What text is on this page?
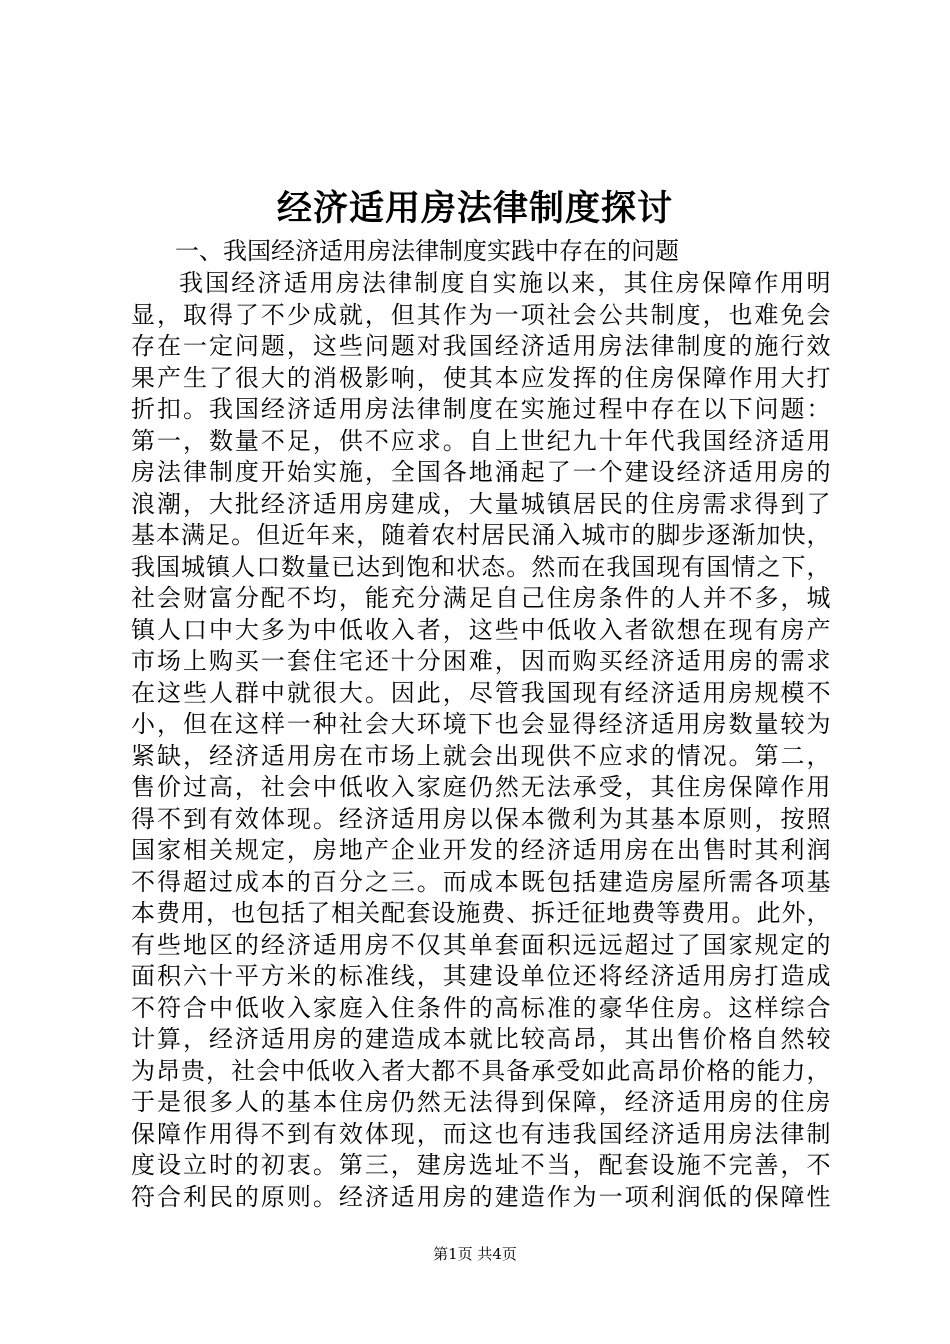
经济适用房法律制度探讨
一、我国经济适用房法律制度实践中存在的问题
我国经济适用房法律制度自实施以来，其住房保障作用明
显，取得了不少成就，但其作为一项社会公共制度，也难免会
存在一定问题，这些问题对我国经济适用房法律制度的施行效
果产生了很大的消极影响，使其本应发挥的住房保障作用大打
折扣。我国经济适用房法律制度在实施过程中存在以下问题：
第一，数量不足，供不应求。自上世纪九十年代我国经济适用
房法律制度开始实施，全国各地涌起了一个建设经济适用房的
浪潮，大批经济适用房建成，大量城镇居民的住房需求得到了
基本满足。但近年来，随着农村居民涌入城市的脚步逐渐加快，
我国城镇人口数量已达到饱和状态。然而在我国现有国情之下，
社会财富分配不均，能充分满足自己住房条件的人并不多，城
镇人口中大多为中低收入者，这些中低收入者欲想在现有房产
市场上购买一套住宅还十分困难，因而购买经济适用房的需求
在这些人群中就很大。因此，尽管我国现有经济适用房规模不
小，但在这样一种社会大环境下也会显得经济适用房数量较为
紧缺，经济适用房在市场上就会出现供不应求的情况。第二，
售价过高，社会中低收入家庭仍然无法承受，其住房保障作用
得不到有效体现。经济适用房以保本微利为其基本原则，按照
国家相关规定，房地产企业开发的经济适用房在出售时其利润
不得超过成本的百分之三。而成本既包括建造房屋所需各项基
本费用，也包括了相关配套设施费、拆迁征地费等费用。此外，
有些地区的经济适用房不仅其单套面积远远超过了国家规定的
面积六十平方米的标准线，其建设单位还将经济适用房打造成
不符合中低收入家庭入住条件的高标准的豪华住房。这样综合
计算，经济适用房的建造成本就比较高昂，其出售价格自然较
为昂贵，社会中低收入者大都不具备承受如此高昂价格的能力，
于是很多人的基本住房仍然无法得到保障，经济适用房的住房
保障作用得不到有效体现，而这也有违我国经济适用房法律制
度设立时的初衷。第三，建房选址不当，配套设施不完善，不
符合利民的原则。经济适用房的建造作为一项利润低的保障性
第1页 共4页
